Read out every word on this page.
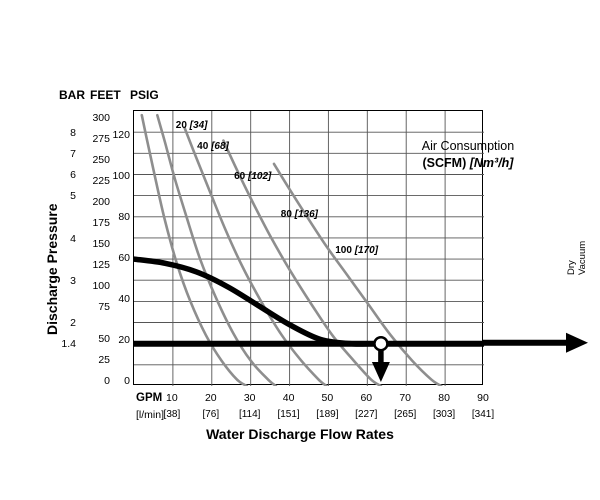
BAR FEET PSIG
Discharge Pressure	Dry Vacuum
8
7
6
5
4
3
2
1.4
300
275
250
225
200
175
150
125
100
75
50
25
0
120
100
80
60
40
20
0
20 [34]
40 [68]
60 [102]
80 [136]
100 [170]
Air Consumption
(SCFM) [Nm³/h]
GPM
[l/min]
10
[38]
20
[76]
30
[114]
40
[151]
50
[189]
60
[227]
70
[265]
80
[303]
90
[341]
Water Discharge Flow Rates
